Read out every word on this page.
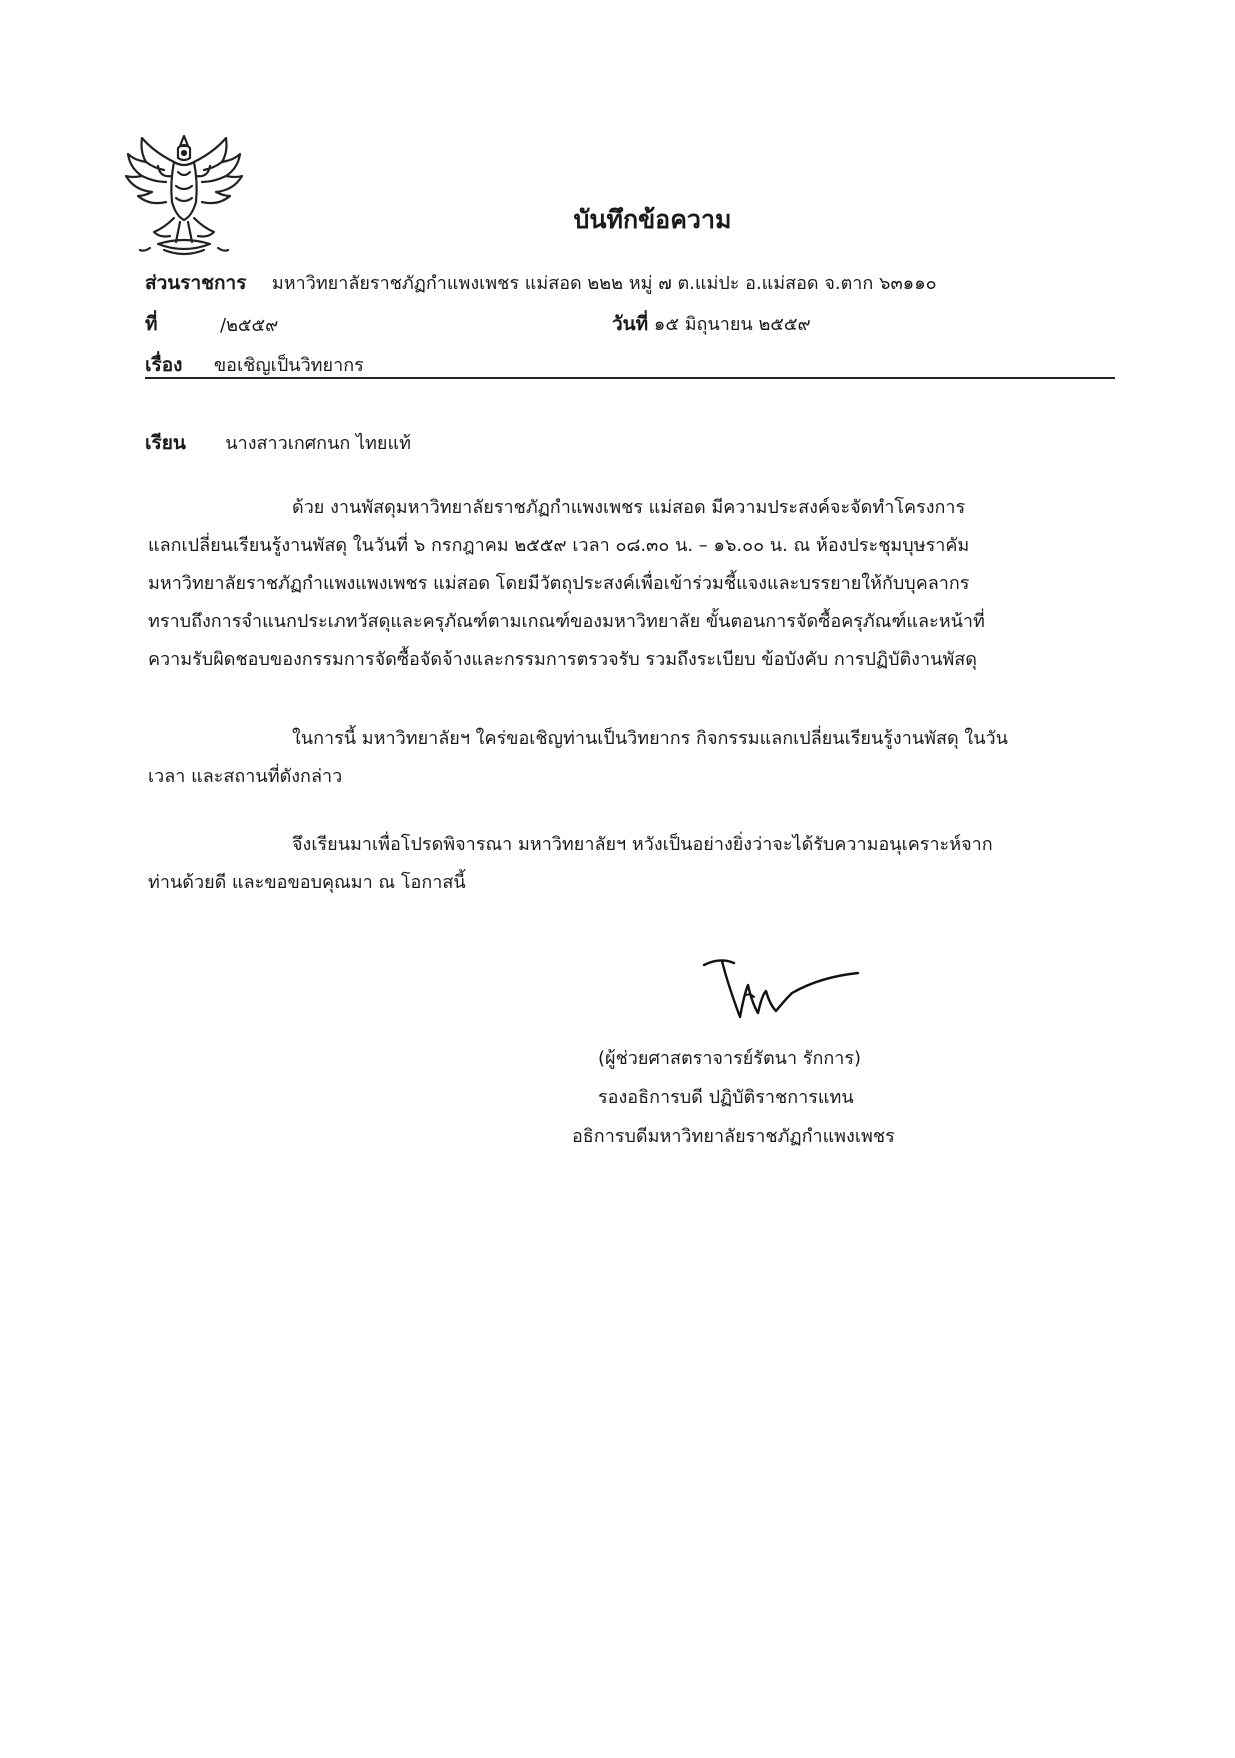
บันทึกข้อความ
ส่วนราชการ มหาวิทยาลัยราชภัฏกำแพงเพชร แม่สอด ๒๒๒ หมู่ ๗ ต.แม่ปะ อ.แม่สอด จ.ตาก ๖๓๑๑๐
ที่	/๒๕๕๙	วันที่ ๑๕ มิถุนายน ๒๕๕๙
เรื่อง ขอเชิญเป็นวิทยากร
เรียน นางสาวเกศกนก ไทยแท้
ด้วย งานพัสดุมหาวิทยาลัยราชภัฏกำแพงเพชร แม่สอด มีความประสงค์จะจัดทำโครงการ
แลกเปลี่ยนเรียนรู้งานพัสดุ ในวันที่ ๖ กรกฎาคม ๒๕๕๙ เวลา ๐๘.๓๐ น. – ๑๖.๐๐ น. ณ ห้องประชุมบุษราคัม
มหาวิทยาลัยราชภัฏกำแพงแพงเพชร แม่สอด โดยมีวัตถุประสงค์เพื่อเข้าร่วมชี้แจงและบรรยายให้กับบุคลากร
ทราบถึงการจำแนกประเภทวัสดุและครุภัณฑ์ตามเกณฑ์ของมหาวิทยาลัย ขั้นตอนการจัดซื้อครุภัณฑ์และหน้าที่
ความรับผิดชอบของกรรมการจัดซื้อจัดจ้างและกรรมการตรวจรับ รวมถึงระเบียบ ข้อบังคับ การปฏิบัติงานพัสดุ
ในการนี้ มหาวิทยาลัยฯ ใคร่ขอเชิญท่านเป็นวิทยากร กิจกรรมแลกเปลี่ยนเรียนรู้งานพัสดุ ในวัน
เวลา และสถานที่ดังกล่าว
จึงเรียนมาเพื่อโปรดพิจารณา มหาวิทยาลัยฯ หวังเป็นอย่างยิ่งว่าจะได้รับความอนุเคราะห์จาก
ท่านด้วยดี และขอขอบคุณมา ณ โอกาสนี้
(ผู้ช่วยศาสตราจารย์รัตนา รักการ)
รองอธิการบดี ปฏิบัติราชการแทน
อธิการบดีมหาวิทยาลัยราชภัฏกำแพงเพชร
